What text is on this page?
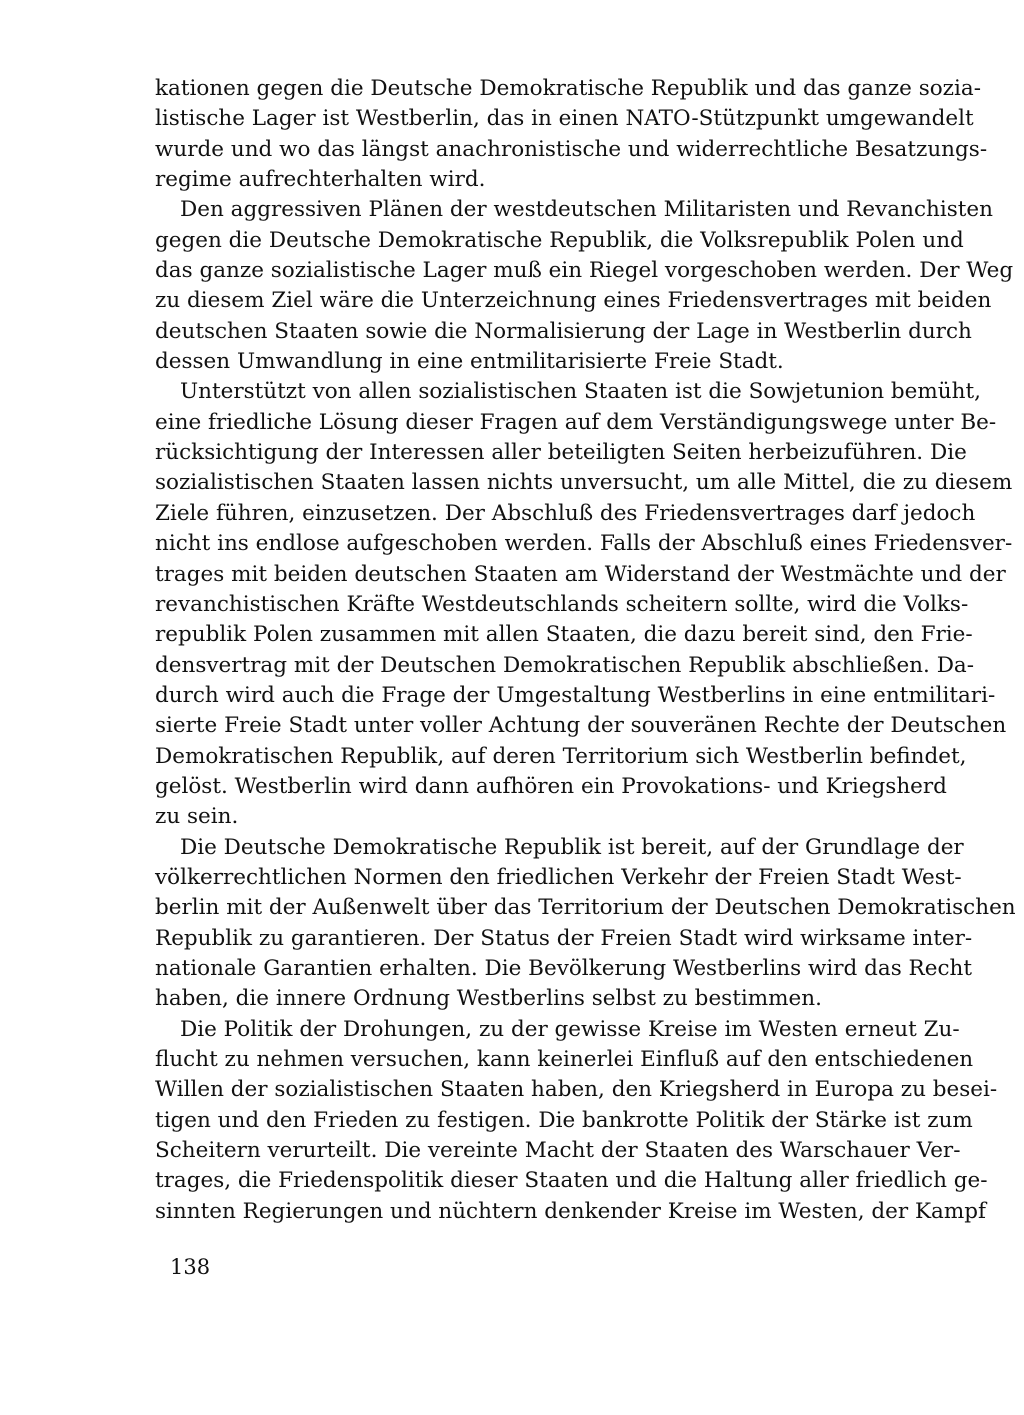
kationen gegen die Deutsche Demokratische Republik und das ganze sozia-
listische Lager ist Westberlin, das in einen NATO-Stützpunkt umgewandelt
wurde und wo das längst anachronistische und widerrechtliche Besatzungs-
regime aufrechterhalten wird.

Den aggressiven Plänen der westdeutschen Militaristen und Revanchisten
gegen die Deutsche Demokratische Republik, die Volksrepublik Polen und
das ganze sozialistische Lager muß ein Riegel vorgeschoben werden. Der Weg
zu diesem Ziel wäre die Unterzeichnung eines Friedensvertrages mit beiden
deutschen Staaten sowie die Normalisierung der Lage in Westberlin durch
dessen Umwandlung in eine entmilitarisierte Freie Stadt.

Unterstützt von allen sozialistischen Staaten ist die Sowjetunion bemüht,
eine friedliche Lösung dieser Fragen auf dem Verständigungswege unter Be-
rücksichtigung der Interessen aller beteiligten Seiten herbeizuführen. Die
sozialistischen Staaten lassen nichts unversucht, um alle Mittel, die zu diesem
Ziele führen, einzusetzen. Der Abschluß des Friedensvertrages darf jedoch
nicht ins endlose aufgeschoben werden. Falls der Abschluß eines Friedensver-
trages mit beiden deutschen Staaten am Widerstand der Westmächte und der
revanchistischen Kräfte Westdeutschlands scheitern sollte, wird die Volks-
republik Polen zusammen mit allen Staaten, die dazu bereit sind, den Frie-
densvertrag mit der Deutschen Demokratischen Republik abschließen. Da-
durch wird auch die Frage der Umgestaltung Westberlins in eine entmilitari-
sierte Freie Stadt unter voller Achtung der souveränen Rechte der Deutschen
Demokratischen Republik, auf deren Territorium sich Westberlin befindet,
gelöst. Westberlin wird dann aufhören ein Provokations- und Kriegsherd
zu sein.

Die Deutsche Demokratische Republik ist bereit, auf der Grundlage der
völkerrechtlichen Normen den friedlichen Verkehr der Freien Stadt West-
berlin mit der Außenwelt über das Territorium der Deutschen Demokratischen
Republik zu garantieren. Der Status der Freien Stadt wird wirksame inter-
nationale Garantien erhalten. Die Bevölkerung Westberlins wird das Recht
haben, die innere Ordnung Westberlins selbst zu bestimmen.

Die Politik der Drohungen, zu der gewisse Kreise im Westen erneut Zu-
flucht zu nehmen versuchen, kann keinerlei Einfluß auf den entschiedenen
Willen der sozialistischen Staaten haben, den Kriegsherd in Europa zu besei-
tigen und den Frieden zu festigen. Die bankrotte Politik der Stärke ist zum
Scheitern verurteilt. Die vereinte Macht der Staaten des Warschauer Ver-
trages, die Friedenspolitik dieser Staaten und die Haltung aller friedlich ge-
sinnten Regierungen und nüchtern denkender Kreise im Westen, der Kampf

138
